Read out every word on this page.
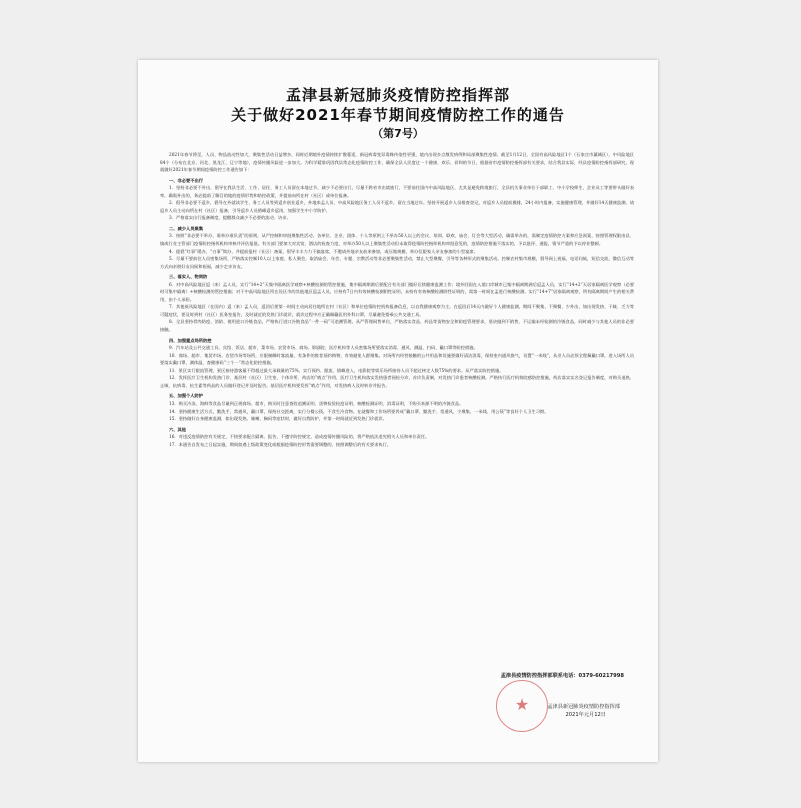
孟津县新冠肺炎疫情防控指挥部
关于做好2021年春节期间疫情防控工作的通告
（第7号）

2021年春节将至，人员、物品流动性加大，聚集性活动日益增多，同时近期境外疫情持续扩散蔓延，新冠病毒变异毒株传染性更强，境内出现多点散发病例和局部聚集性疫情。截至1月12日，全国有高风险地区1个（石家庄市藁城区），中风险地区84个（分布在北京、河北、黑龙江、辽宁等地），疫情传播风险进一步加大。为科学精准巩固我县常态化疫情防控工作，确保全县人民度过一个健康、欢乐、祥和的节日，根据省市疫情防控指挥部有关要求，结合我县实际，经县疫情防控指挥部研究，现就做好2021年春节期间疫情防控工作通告如下：

一、非必要不出行

1．坚持非必要不外出，倡导在我县生活、工作、居住、务工人员留在本地过节，减少不必要出行，尽量不跨省市出境旅行，不要前往国内中高风险地区，尤其是避免跨境旅行，全县机关事业单位干部职工、中小学校师生、企业员工等要带头做好表率，确需外出的，务必提前了解目的地的疫情形势和防控政策，并提前向所在村（社区）或单位报备。

2．倡导非必要不返乡，倡导在外就读学生、务工人员等到返乡创业返乡，外地来孟人员、中高风险地区务工人员不返乡，留在当地过年。坚持开展返乡人员排查登记，对返乡人员提前摸排，24小时内报备，实施健康管理，并做好14天健康监测。请返乡人员主动向所在村（社区）报备，引导返乡人员错峰返乡返岗，加强学生中小学防护。

3．严格落实出行报备制度，提醒群众减少不必要的流动、访亲。

二、减少人员聚集

3．按照“非必要不举办、谁举办谁负责”的原则，从严控制和审批聚集性活动，各单位、企业、团体、个人等原则上不举办50人以上的会议、培训、联欢、庙会、灯会等大型活动，确需举办的，需制定疫情防控方案和应急预案，按照管理权限由县、镇或行业主管部门疫情防控指挥机构审核并评估报批。有关部门要加大对宾馆、酒店的检查力度，对举办50人以上聚集性活动但未取得疫情防控指挥机构审批意见的，疫情防控措施不落实的，予以批评、通报，情节严重的予以停业整顿。

4．提倡“红事”缓办、“白事”简办、并提前报村（社区）备案，倡导丰丰力力不搞宴席，不邀请外地亲友前来参加，或压缩规模、举办仅限家人亲友参加的小型宴席。

5．尽量不要前往人员密集场所，严格落实控制10人以上家庭、私人聚会，取消庙会、年会、专题、宗教活动等非必要聚集性活动，禁止大型聚餐，引导等各种形式的聚集活动。控制农村集市规模，倡导网上祝福，电话问候，短信交流，微信互动等方式向亲朋好友问候和祝福，减少走亲访友。

三、落实人、物同防

6．对中高风险地区返（来）孟人员，实行“14+2”天集中隔离医学观察+核酸检测的管控措施，集中隔离期满后要配合有关部门做好后续健康监测工作；境外回国在入境口岸城市已集中隔离期满后返孟人员，实行“14+2”天居家隔离医学观察（必要时可集中隔离）+核酸检测的管控措施；对于中高风险地区所在设区市的其他地区返孟人员，应持有7日内有效核酸检测阴性证明，未持有有效核酸检测阴性证明的，需第一时间在孟进行核酸检测。实行“14+7”居家隔离观察，所有隔离期间产生的相关费用，由个人承担。

7．其他低风险地区（在国内）返（来）孟人员，返回后要第一时间主动向居住地所在村（社区）和单位疫情防控机构报备信息，以自我健康观察为主。在返回后14天内做好个人健康监测，期间不聚集、不聚餐、少外出，如出现发热、干咳、乏力等可疑症状，要及时到村（社区）医务室报告，及时就近的发热门诊就诊，就诊过程中应正确佩戴医用外科口罩，尽量避免搭乘公共交通工具。

8．全县坚持骨肉防疫、消防、使用进口冷链食品，严格执行进口冷链食品“一件一码”可追溯管理。从严管理网售单位，严格落实食品、药品等货物安全和防疫管理要求，坚决做到不销售、不运输未经检测的冷链食品，同时减少与其他人员的非必要接触。

四、加强重点场所防控

9．汽车站及公共交通工具、宾馆、饭店、超市、菜市场、农贸市场、商场、影剧院、医疗机构等人员密集场所要落实消毒、通风、测温、扫码、戴口罩等防控措施。

10．商场、超市、集贸市场、农贸市场等场所，应限制瞬时客流量，有条件的推荐预约购物，有效避免人群聚集。对场所内经营接触的公共用品和设施要做好清洁消毒，保持室内通风换气，设置“一米线”，从业人员必须全程佩戴口罩，进入场所人员要落实戴口罩、测体温、查健康码“三个一”常态化防控措施。

11．景区实行限流管理，景区接待游客量不得超过最大承载量的75%，实行预约、限流、错峰进入，电影院等娱乐场所接待人员不超过核定人数75%的要求。从严落实防控措施。

12．发挥医疗卫生机构发热门诊、基层村（社区）卫生室、个体诊所、药店的“哨点”作用，医疗卫生机构落实发热患者预检分诊，首诊负责制，对发热门诊患者核酸检测。严格执行医疗机构院感防控措施，药店落实实名登记报告制度，对购买退热、止咳、抗病毒、抗生素等药品的人员做好登记并及时报告。基层医疗机构要发挥“哨点”作用，对发热病人及时转诊并报告。

五、加强个人防护

13．购买冷冻、海鲜等食品尽量到正规商场、超市，购买时注意查验追溯证明、货物检验检疫证明、核酸检测证明、消毒证明，不购买来源不明的冷链食品。

14．坚持健康生活方式，勤洗手，常通风，戴口罩，保持社交距离，实行分餐公筷，不食生冷食物。在就餐和工作场所要养成“戴口罩、勤洗手、常通风、少聚集、一米线、用公筷”等良好个人卫生习惯。

15．坚持做好自身健康监测，如出现发热、咳嗽、胸闷等症状时，做好自我防护，并第一时间就近到发热门诊就诊。

六、其他

16．对违反疫情防控有关规定，不按要求配合隔离、报告，不遵守防控规定，造成疫情传播风险的，将严格依法追究相关人员和单位责任。

17．本通告自发布之日起实施，期间如遇上级政策变化或根据疫情防控形势需要调整的，按照调整后的有关要求执行。

★
孟津县疫情防控指挥部联系电话：0379-60217998
孟津县新冠肺炎疫情防控指挥部
2021年元月12日
